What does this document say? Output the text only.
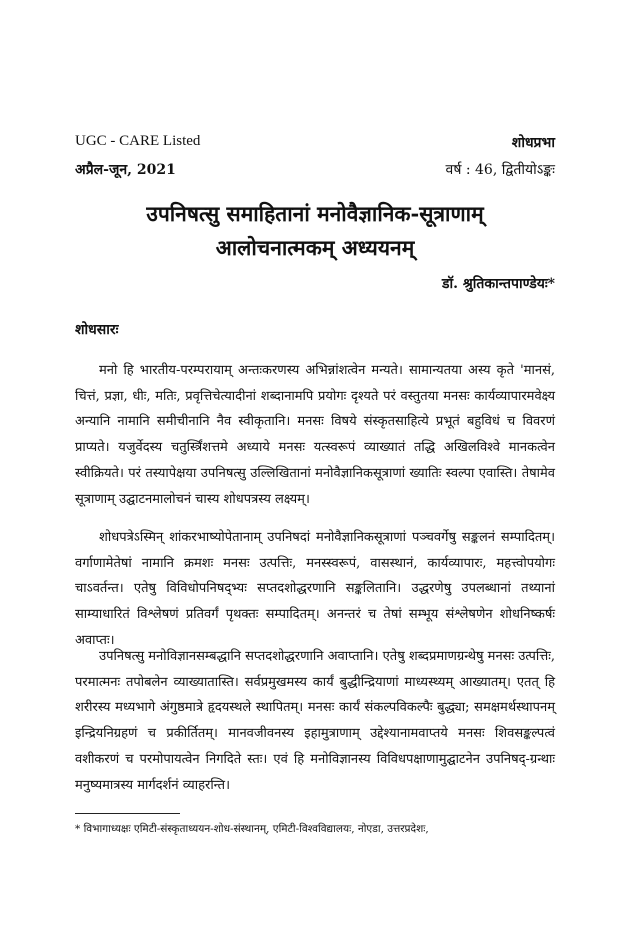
UGC - CARE Listed	शोधप्रभा
अप्रैल-जून, 2021	वर्ष : 46, द्वितीयोऽङ्कः
उपनिषत्सु समाहितानां मनोवैज्ञानिक-सूत्राणाम्
आलोचनात्मकम् अध्ययनम्
डॉ. श्रुतिकान्तपाण्डेयः*
शोधसारः

मनो हि भारतीय-परम्परायाम् अन्तःकरणस्य अभिन्नांशत्वेन मन्यते। सामान्यतया अस्य कृते 'मानसं, चित्तं, प्रज्ञा, धीः, मतिः, प्रवृत्तिचेत्यादीनां शब्दानामपि प्रयोगः दृश्यते परं वस्तुतया मनसः कार्यव्यापारमवेक्ष्य अन्यानि नामानि समीचीनानि नैव स्वीकृतानि। मनसः विषये संस्कृतसाहित्ये प्रभूतं बहुविधं च विवरणं प्राप्यते। यजुर्वेदस्य चतुर्स्त्रिंशत्तमे अध्याये मनसः यत्स्वरूपं व्याख्यातं तद्धि अखिलविश्वे मानकत्वेन स्वीक्रियते। परं तस्यापेक्षया उपनिषत्सु उल्लिखितानां मनोवैज्ञानिकसूत्राणां ख्यातिः स्वल्पा एवास्ति। तेषामेव सूत्राणाम् उद्घाटनमालोचनं चास्य शोधपत्रस्य लक्ष्यम्।

शोधपत्रेऽस्मिन् शांकरभाष्योपेतानाम् उपनिषदां मनोवैज्ञानिकसूत्राणां पञ्चवर्गेषु सङ्कलनं सम्पादितम्। वर्गाणामेतेषां नामानि क्रमशः मनसः उत्पत्तिः, मनस्स्वरूपं, वासस्थानं, कार्यव्यापारः, महत्त्वोपयोगः चाऽवर्तन्त। एतेषु विविधोपनिषद्भ्यः सप्तदशोद्धरणानि सङ्कलितानि। उद्धरणेषु उपलब्धानां तथ्यानां साम्याधारितं विश्लेषणं प्रतिवर्गं पृथक्तः सम्पादितम्। अनन्तरं च तेषां सम्भूय संश्लेषणेन शोधनिष्कर्षः अवाप्तः।

उपनिषत्सु मनोविज्ञानसम्बद्धानि सप्तदशोद्धरणानि अवाप्तानि। एतेषु शब्दप्रमाणग्रन्थेषु मनसः उत्पत्तिः, परमात्मनः तपोबलेन व्याख्यातास्ति। सर्वप्रमुखमस्य कार्यं बुद्धीन्द्रियाणां माध्यस्थ्यम् आख्यातम्। एतत् हि शरीरस्य मध्यभागे अंगुष्ठमात्रे हृदयस्थले स्थापितम्। मनसः कार्यं संकल्पविकल्पैः बुद्ध्या; समक्षमर्थस्थापनम् इन्द्रियनिग्रहणं च प्रकीर्तितम्। मानवजीवनस्य इहामुत्राणाम् उद्देश्यानामवाप्तये मनसः शिवसङ्कल्पत्वं वशीकरणं च परमोपायत्वेन निगदिते स्तः। एवं हि मनोविज्ञानस्य विविधपक्षाणामुद्घाटनेन उपनिषद्-ग्रन्थाः मनुष्यमात्रस्य मार्गदर्शनं व्याहरन्ति।

* विभागाध्यक्षः एमिटी-संस्कृताध्ययन-शोध-संस्थानम्, एमिटी-विश्वविद्यालयः, नोएडा, उत्तरप्रदेशः,
